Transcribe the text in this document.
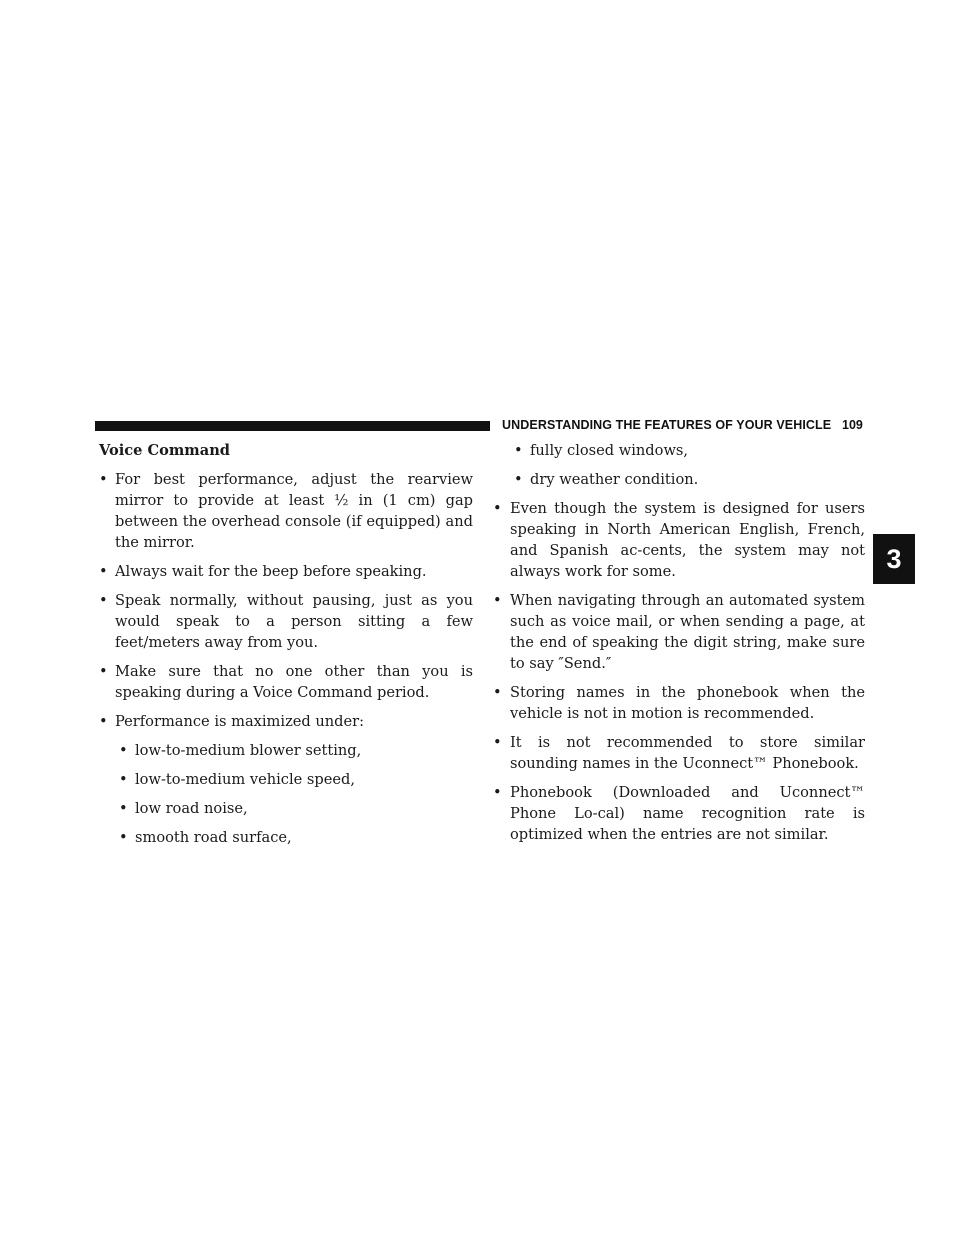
UNDERSTANDING THE FEATURES OF YOUR VEHICLE 109
3
Voice Command
• For best performance, adjust the rearview mirror to provide at least ½ in (1 cm) gap between the overhead console (if equipped) and the mirror.
• Always wait for the beep before speaking.
• Speak normally, without pausing, just as you would speak to a person sitting a few feet/meters away from you.
• Make sure that no one other than you is speaking during a Voice Command period.
• Performance is maximized under:
• low-to-medium blower setting,
• low-to-medium vehicle speed,
• low road noise,
• smooth road surface,
• fully closed windows,
• dry weather condition.
• Even though the system is designed for users speaking in North American English, French, and Spanish ac-cents, the system may not always work for some.
• When navigating through an automated system such as voice mail, or when sending a page, at the end of speaking the digit string, make sure to say ″Send.″
• Storing names in the phonebook when the vehicle is not in motion is recommended.
• It is not recommended to store similar sounding names in the Uconnect™ Phonebook.
• Phonebook (Downloaded and Uconnect™ Phone Lo-cal) name recognition rate is optimized when the entries are not similar.
